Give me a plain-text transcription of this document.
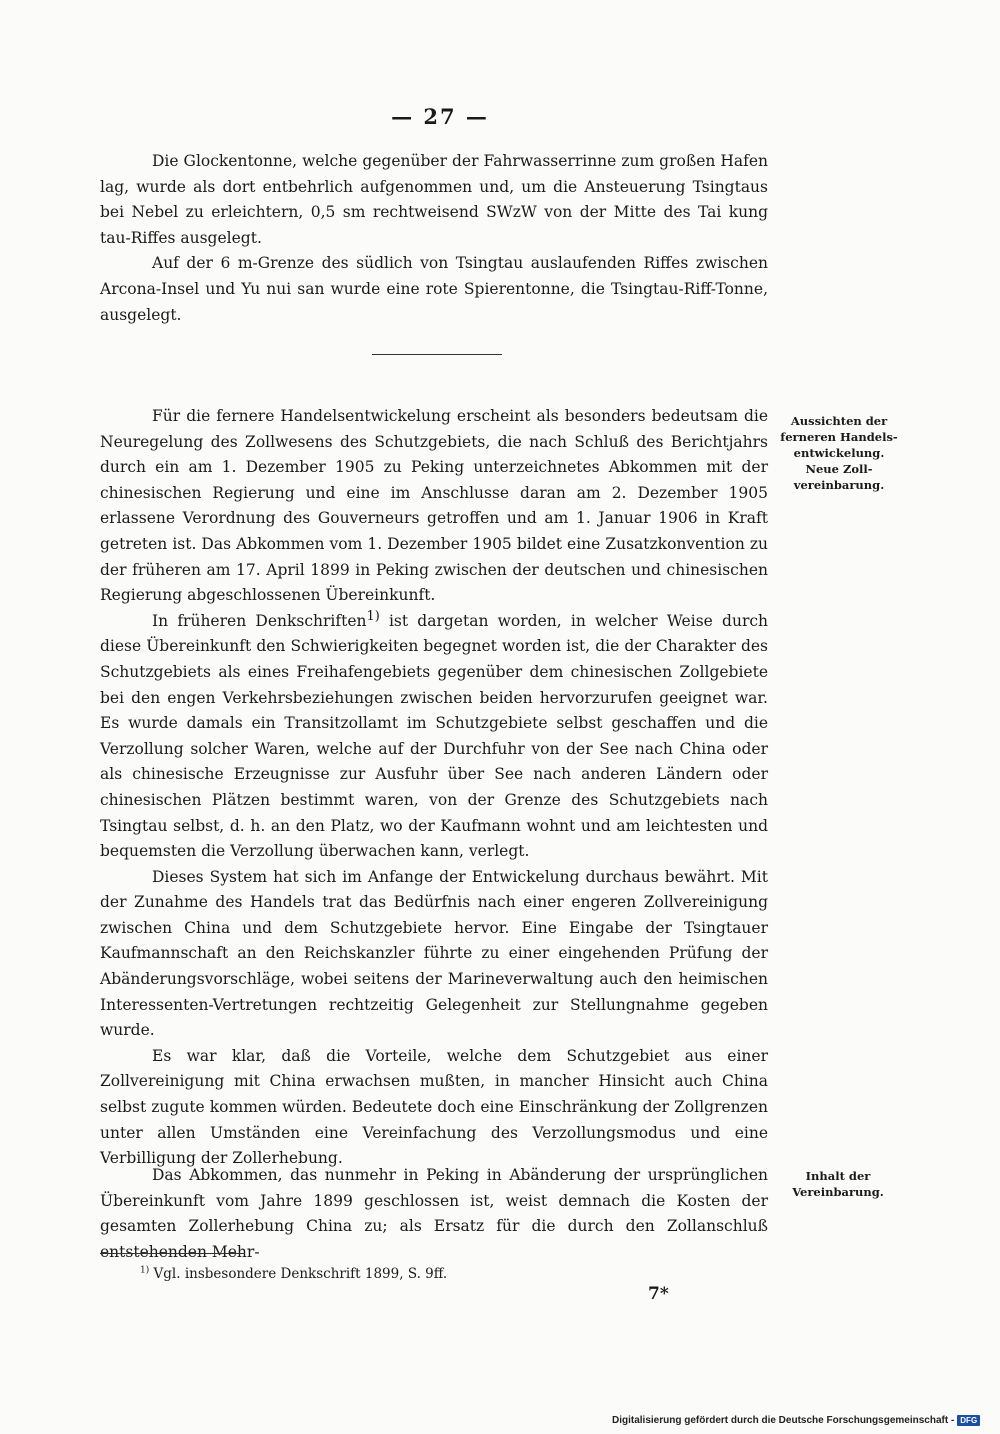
— 27 —

Die Glockentonne, welche gegenüber der Fahrwasserrinne zum großen Hafen lag, wurde als dort entbehrlich aufgenommen und, um die Ansteuerung Tsingtaus bei Nebel zu erleichtern, 0,5 sm rechtweisend SWzW von der Mitte des Tai kung tau-Riffes ausgelegt.

Auf der 6 m-Grenze des südlich von Tsingtau auslaufenden Riffes zwischen Arcona-Insel und Yu nui san wurde eine rote Spierentonne, die Tsingtau-Riff-Tonne, ausgelegt.

Für die fernere Handelsentwickelung erscheint als besonders bedeutsam die Neuregelung des Zollwesens des Schutzgebiets, die nach Schluß des Berichtjahrs durch ein am 1. Dezember 1905 zu Peking unterzeichnetes Abkommen mit der chinesischen Regierung und eine im Anschlusse daran am 2. Dezember 1905 erlassene Verordnung des Gouverneurs getroffen und am 1. Januar 1906 in Kraft getreten ist. Das Abkommen vom 1. Dezember 1905 bildet eine Zusatzkonvention zu der früheren am 17. April 1899 in Peking zwischen der deutschen und chinesischen Regierung abgeschlossenen Übereinkunft.

In früheren Denkschriften$^{1)}$ ist dargetan worden, in welcher Weise durch diese Übereinkunft den Schwierigkeiten begegnet worden ist, die der Charakter des Schutzgebiets als eines Freihafengebiets gegenüber dem chinesischen Zollgebiete bei den engen Verkehrsbeziehungen zwischen beiden hervorzurufen geeignet war. Es wurde damals ein Transitzollamt im Schutzgebiete selbst geschaffen und die Verzollung solcher Waren, welche auf der Durchfuhr von der See nach China oder als chinesische Erzeugnisse zur Ausfuhr über See nach anderen Ländern oder chinesischen Plätzen bestimmt waren, von der Grenze des Schutzgebiets nach Tsingtau selbst, d. h. an den Platz, wo der Kaufmann wohnt und am leichtesten und bequemsten die Verzollung überwachen kann, verlegt.

Dieses System hat sich im Anfange der Entwickelung durchaus bewährt. Mit der Zunahme des Handels trat das Bedürfnis nach einer engeren Zollvereinigung zwischen China und dem Schutzgebiete hervor. Eine Eingabe der Tsingtauer Kaufmannschaft an den Reichskanzler führte zu einer eingehenden Prüfung der Abänderungsvorschläge, wobei seitens der Marineverwaltung auch den heimischen Interessenten-Vertretungen rechtzeitig Gelegenheit zur Stellungnahme gegeben wurde.

Es war klar, daß die Vorteile, welche dem Schutzgebiet aus einer Zollvereinigung mit China erwachsen mußten, in mancher Hinsicht auch China selbst zugute kommen würden. Bedeutete doch eine Einschränkung der Zollgrenzen unter allen Umständen eine Vereinfachung des Verzollungsmodus und eine Verbilligung der Zollerhebung.

Aussichten der ferneren Handels-entwickelung. Neue Zoll-vereinbarung.

Das Abkommen, das nunmehr in Peking in Abänderung der ursprünglichen Übereinkunft vom Jahre 1899 geschlossen ist, weist demnach die Kosten der gesamten Zollerhebung China zu; als Ersatz für die durch den Zollanschluß entstehenden Mehr-

Inhalt der Vereinbarung.
$^{1)}$ Vgl. insbesondere Denkschrift 1899, S. 9ff.
7*
Digitalisierung gefördert durch die Deutsche Forschungsgemeinschaft - DFG
